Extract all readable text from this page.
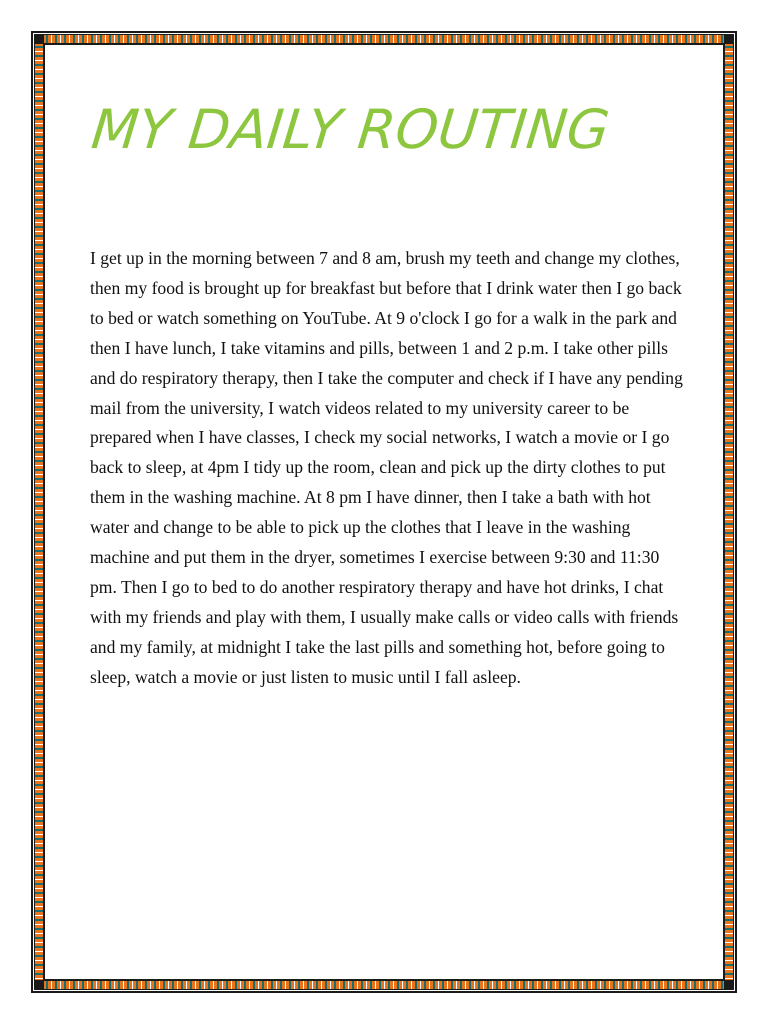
MY DAILY ROUTING

I get up in the morning between 7 and 8 am, brush my teeth and change my clothes, then my food is brought up for breakfast but before that I drink water then I go back to bed or watch something on YouTube. At 9 o'clock I go for a walk in the park and then I have lunch, I take vitamins and pills, between 1 and 2 p.m. I take other pills and do respiratory therapy, then I take the computer and check if I have any pending mail from the university, I watch videos related to my university career to be prepared when I have classes, I check my social networks, I watch a movie or I go back to sleep, at 4pm I tidy up the room, clean and pick up the dirty clothes to put them in the washing machine. At 8 pm I have dinner, then I take a bath with hot water and change to be able to pick up the clothes that I leave in the washing machine and put them in the dryer, sometimes I exercise between 9:30 and 11:30 pm. Then I go to bed to do another respiratory therapy and have hot drinks, I chat with my friends and play with them, I usually make calls or video calls with friends and my family, at midnight I take the last pills and something hot, before going to sleep, watch a movie or just listen to music until I fall asleep.
